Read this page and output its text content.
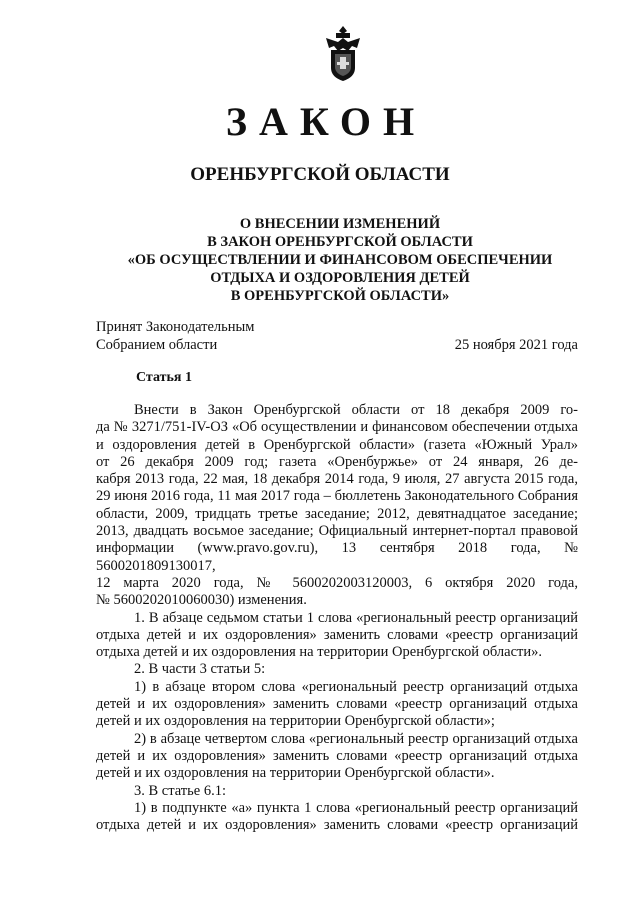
ЗАКОН
ОРЕНБУРГСКОЙ ОБЛАСТИ
О ВНЕСЕНИИ ИЗМЕНЕНИЙ
В ЗАКОН ОРЕНБУРГСКОЙ ОБЛАСТИ
«ОБ ОСУЩЕСТВЛЕНИИ И ФИНАНСОВОМ ОБЕСПЕЧЕНИИ
ОТДЫХА И ОЗДОРОВЛЕНИЯ ДЕТЕЙ
В ОРЕНБУРГСКОЙ ОБЛАСТИ»
Принят Законодательным
Собранием области	25 ноября 2021 года
Статья 1

Внести в Закон Оренбургской области от 18 декабря 2009 го-

да № 3271/751-IV-ОЗ «Об осуществлении и финансовом обеспечении отдыха

и оздоровления детей в Оренбургской области» (газета «Южный Урал»

от 26 декабря 2009 год; газета «Оренбуржье» от 24 января, 26 де-

кабря 2013 года, 22 мая, 18 декабря 2014 года, 9 июля, 27 августа 2015 года,

29 июня 2016 года, 11 мая 2017 года – бюллетень Законодательного Собрания

области, 2009, тридцать третье заседание; 2012, девятнадцатое заседание;

2013, двадцать восьмое заседание; Официальный интернет-портал правовой

информации (www.pravo.gov.ru), 13 сентября 2018 года, № 5600201809130017,

12 марта 2020 года, № 5600202003120003, 6 октября 2020 года,

№ 5600202010060030) изменения.

1. В абзаце седьмом статьи 1 слова «региональный реестр организаций

отдыха детей и их оздоровления» заменить словами «реестр организаций

отдыха детей и их оздоровления на территории Оренбургской области».

2. В части 3 статьи 5:

1) в абзаце втором слова «региональный реестр организаций отдыха

детей и их оздоровления» заменить словами «реестр организаций отдыха

детей и их оздоровления на территории Оренбургской области»;

2) в абзаце четвертом слова «региональный реестр организаций отдыха

детей и их оздоровления» заменить словами «реестр организаций отдыха

детей и их оздоровления на территории Оренбургской области».

3. В статье 6.1:

1) в подпункте «а» пункта 1 слова «региональный реестр организаций

отдыха детей и их оздоровления» заменить словами «реестр организаций
